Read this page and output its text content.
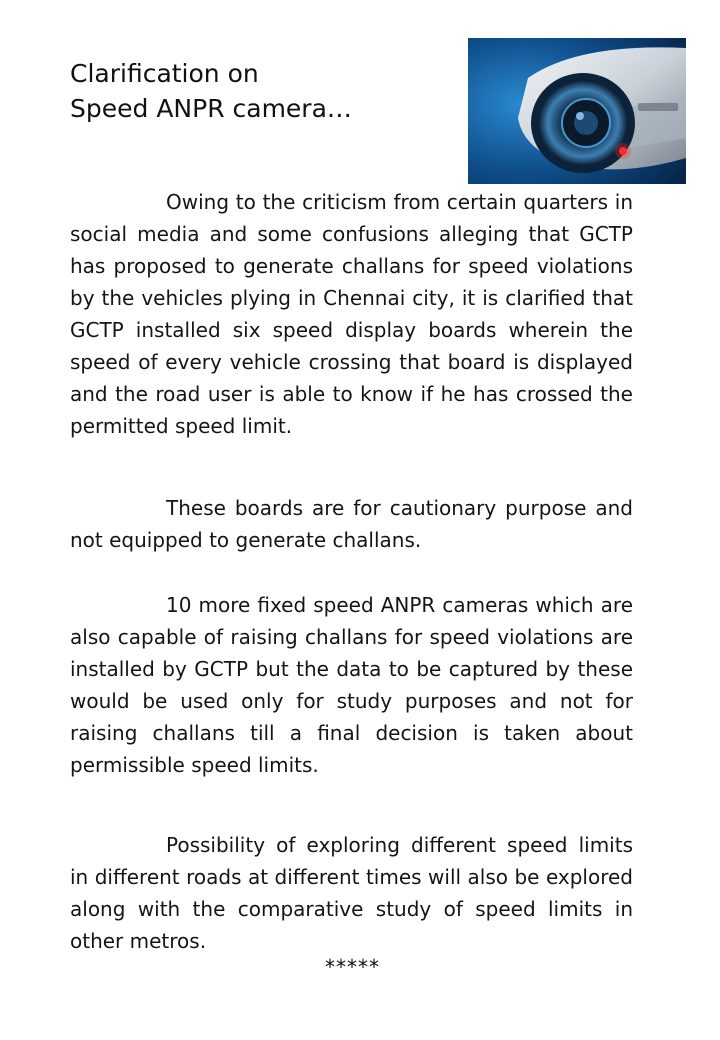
Clarification on
Speed ANPR camera…

Owing to the criticism from certain quarters in social media and some confusions alleging that GCTP has proposed to generate challans for speed violations by the vehicles plying in Chennai city, it is clarified that GCTP installed six speed display boards wherein the speed of every vehicle crossing that board is displayed and the road user is able to know if he has crossed the permitted speed limit.

These boards are for cautionary purpose and not equipped to generate challans.

10 more fixed speed ANPR cameras which are also capable of raising challans for speed violations are installed by GCTP but the data to be captured by these would be used only for study purposes and not for raising challans till a final decision is taken about permissible speed limits.

Possibility of exploring different speed limits in different roads at different times will also be explored along with the comparative study of speed limits in other metros.

*****
